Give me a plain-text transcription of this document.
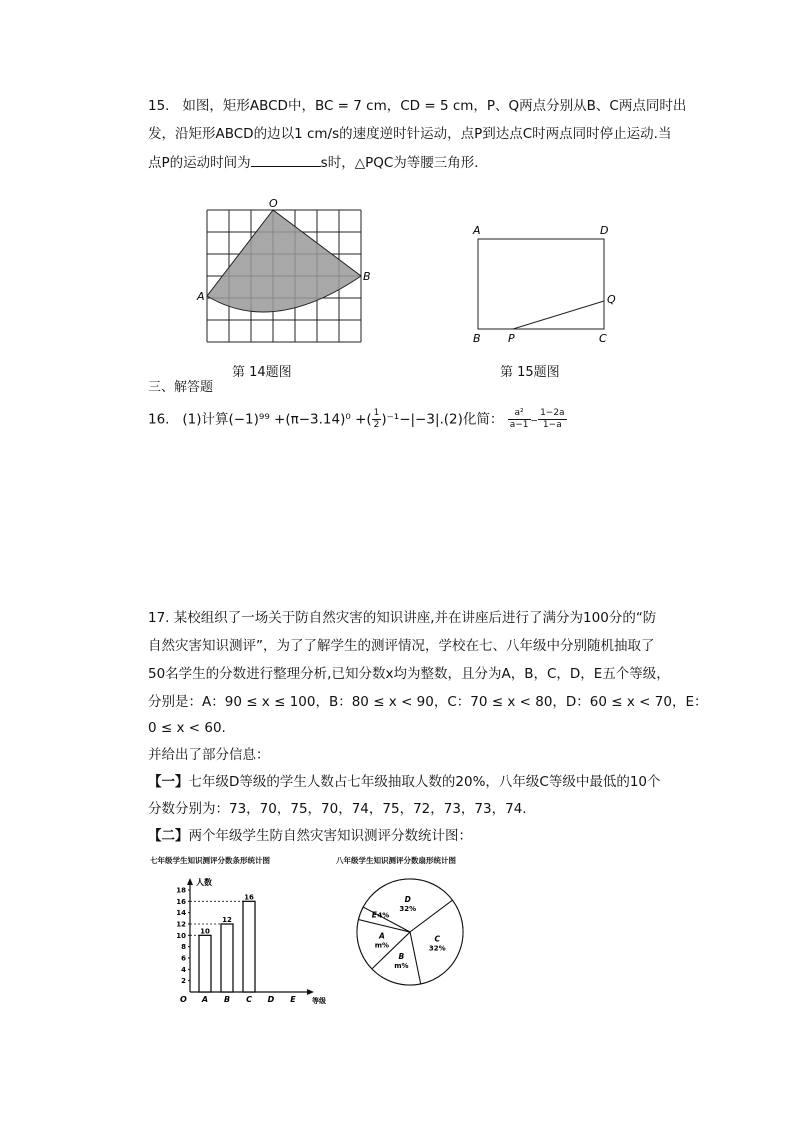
15. 如图，矩形ABCD中，BC = 7 cm，CD = 5 cm，P、Q两点分别从B、C两点同时出
发，沿矩形ABCD的边以1 cm/s的速度逆时针运动，点P到达点C时两点同时停止运动.当
点P的运动时间为	s时，△PQC为等腰三角形．
O
A
B
第 14题图
A	D
B P	C
Q
第 15题图
三、解答题
16. (1)计算(−1)⁹⁹ +(π−3.14)⁰ +( $\frac{1}{2} )^{-1}-|-3|.(2)$化简： $\frac{\text{a²}}{a-1} - \frac{1-2a}{1-a}$
17. 某校组织了一场关于防自然灾害的知识讲座,并在讲座后进行了满分为100分的“防
自然灾害知识测评”，为了了解学生的测评情况，学校在七、八年级中分别随机抽取了
50名学生的分数进行整理分析,已知分数x均为整数，且分为A，B，C，D，E五个等级，
分别是：A：90 ≤ x ≤ 100，B：80 ≤ x < 90，C：70 ≤ x < 80，D：60 ≤ x < 70，E：
0 ≤ x < 60.
并给出了部分信息：
【一】七年级D等级的学生人数占七年级抽取人数的20%，八年级C等级中最低的10个
分数分别为：73，70，75，70，74，75，72，73，73，74.
【二】两个年级学生防自然灾害知识测评分数统计图：
七年级学生知识测评分数条形统计图
人数
等级
O
2
4
6
8
10
12
14
16
18
10
A
12
B
16
C D E
八年级学生知识测评分数扇形统计图
D
32%
C
32%
B
m%
A
m%
E 4%
